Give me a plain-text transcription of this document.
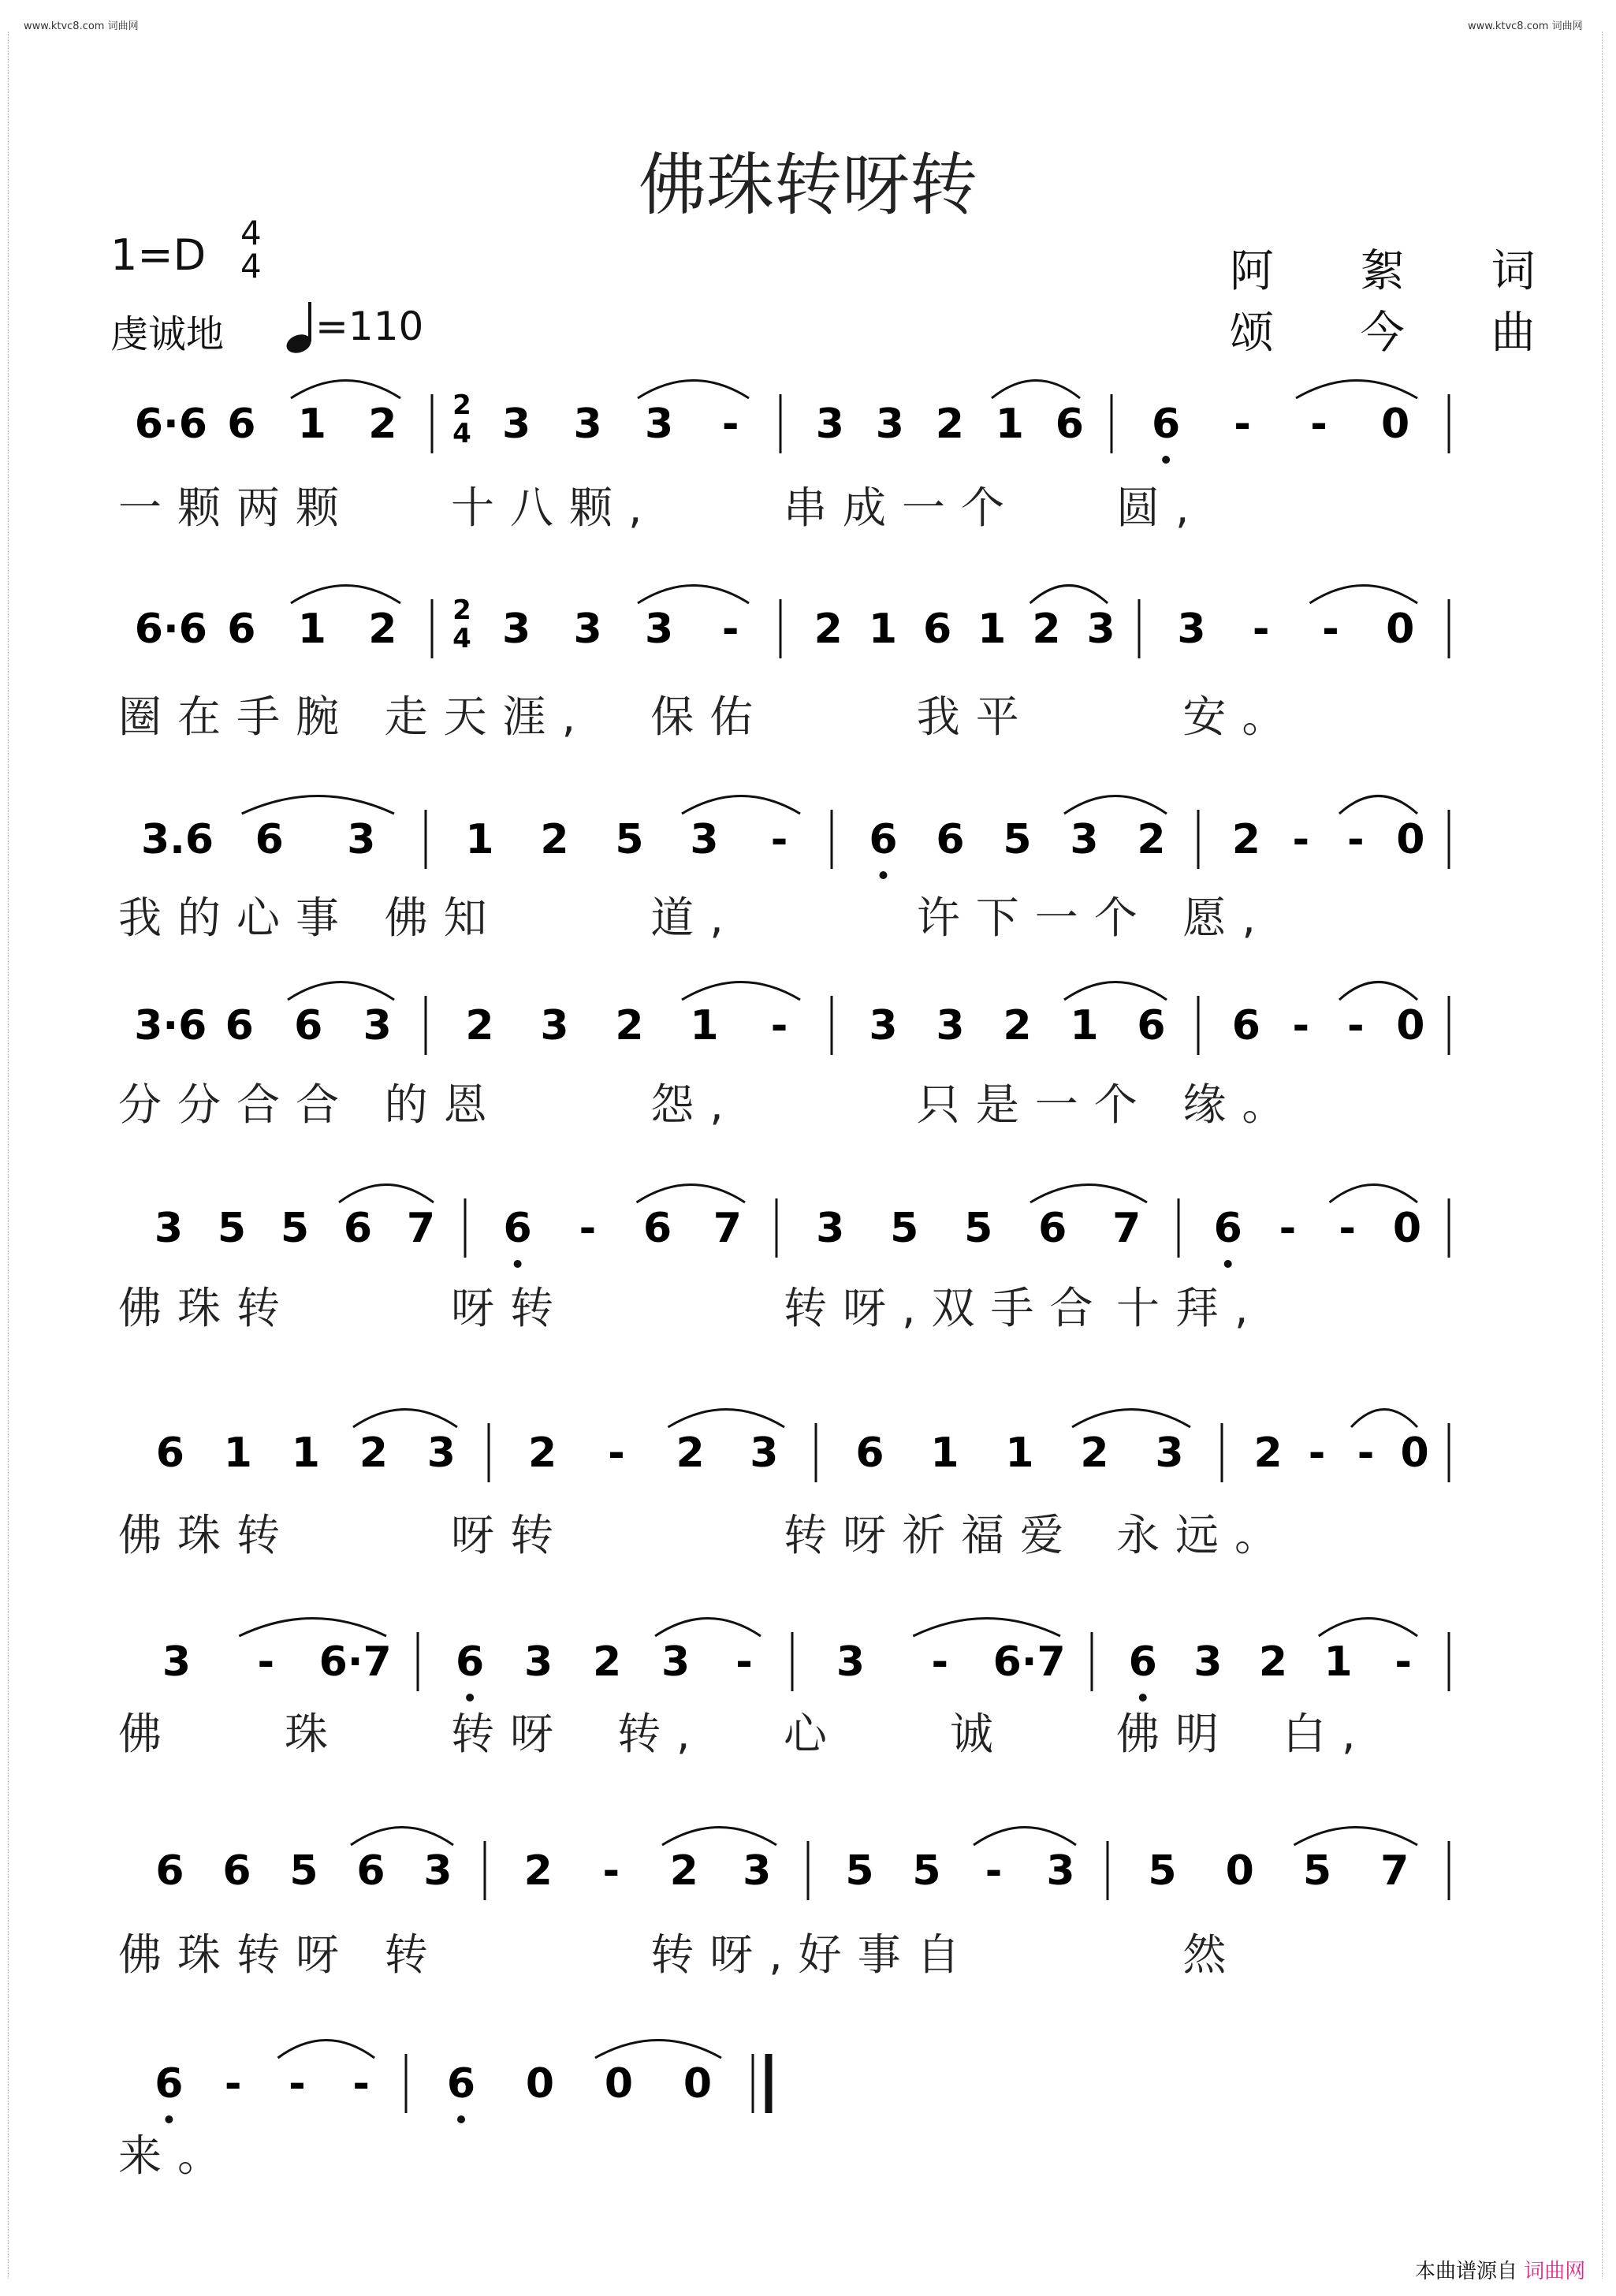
www.ktvc8.com 词曲网	www.ktvc8.com 词曲网
佛珠转呀转
1=D 4
4
虔诚地 =110
阿 絮 词
颂 今 曲
6·6 6 1 2 2
4 3 3 3 - 3 3 2 1 6 6 - - 0
6·6 6 1 2 2
4 3 3 3 - 2 1 6 1 2 3 3 - - 0
3.6 6 3 1 2 5 3 - 6 6 5 3 2 2 - - 0
3·6 6 6 3 2 3 2 1 - 3 3 2 1 6 6 - - 0
3 5 5 6 7 6 - 6 7 3 5 5 6 7 6 - - 0
6 1 1 2 3 2 - 2 3 6 1 1 2 3 2 - - 0
3 - 6·7 6 3 2 3 - 3 - 6·7 6 3 2 1 -
6 6 5 6 3 2 - 2 3 5 5 - 3 5 0 5 7
6 - - - 6 0 0 0
一颗两颗 十八颗,	串成一个 圆,
圈在手腕 走天涯, 保佑	我平	安。
我的心事 佛知	道,	许下一个 愿,
分分合合 的恩	怨,	只是一个 缘。
佛珠转	呀转	转呀,双手合 十拜,
佛珠转	呀转	转呀祈福爱 永远。
佛 珠 转呀 转, 心 诚 佛明 白,
佛珠转呀 转	转呀,好事 自	然
来。
本曲谱源自 词曲网
